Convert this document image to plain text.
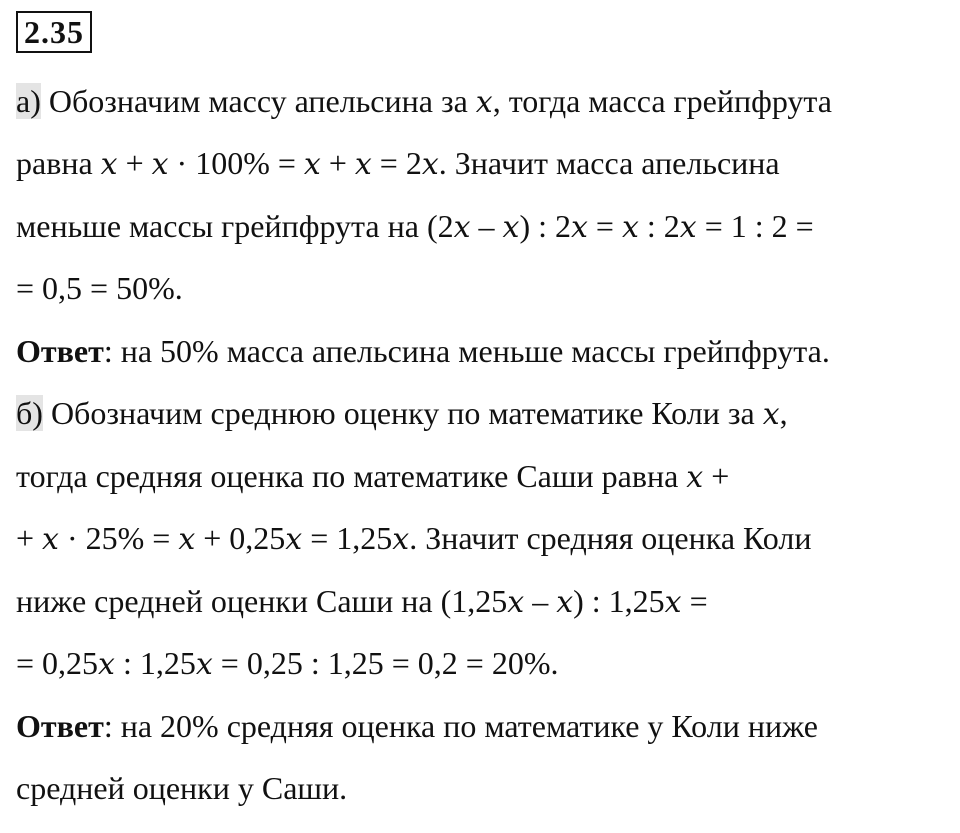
2.35
а) Обозначим массу апельсина за x, тогда масса грейпфрута
равна x + x · 100% = x + x = 2x. Значит масса апельсина
меньше массы грейпфрута на (2x – x) : 2x = x : 2x = 1 : 2 =
= 0,5 = 50%.
Ответ: на 50% масса апельсина меньше массы грейпфрута.
б) Обозначим среднюю оценку по математике Коли за x,
тогда средняя оценка по математике Саши равна x +
+ x · 25% = x + 0,25x = 1,25x. Значит средняя оценка Коли
ниже средней оценки Саши на (1,25x – x) : 1,25x =
= 0,25x : 1,25x = 0,25 : 1,25 = 0,2 = 20%.
Ответ: на 20% средняя оценка по математике у Коли ниже
средней оценки у Саши.
